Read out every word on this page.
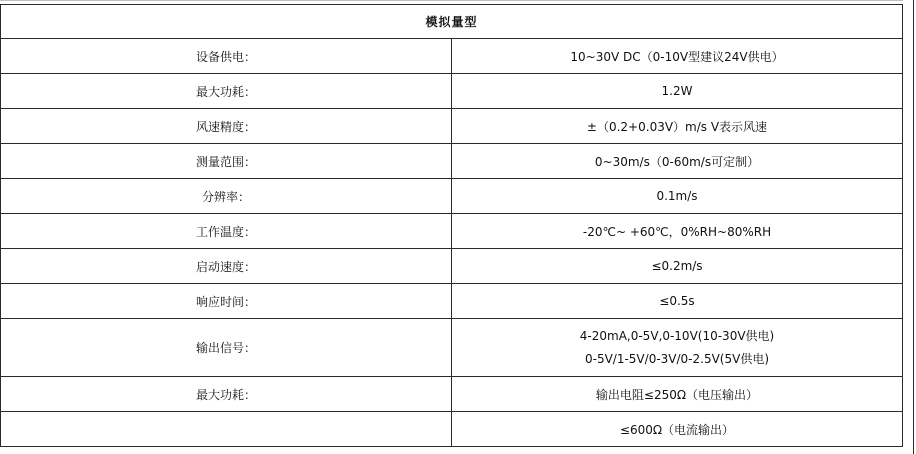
模拟量型	
设备供电：	10~30V DC（0-10V型建议24V供电）
最大功耗：	1.2W
风速精度：	±（0.2+0.03V）m/s V表示风速
测量范围：	0~30m/s（0-60m/s可定制）
分辨率：	0.1m/s
工作温度：	-20℃~ +60℃，0%RH~80%RH
启动速度：	≤0.2m/s
响应时间：	≤0.5s
输出信号：	4-20mA,0-5V,0-10V(10-30V供电)
0-5V/1-5V/0-3V/0-2.5V(5V供电)

最大功耗：	输出电阻≤250Ω（电压输出）
	≤600Ω（电流输出）
